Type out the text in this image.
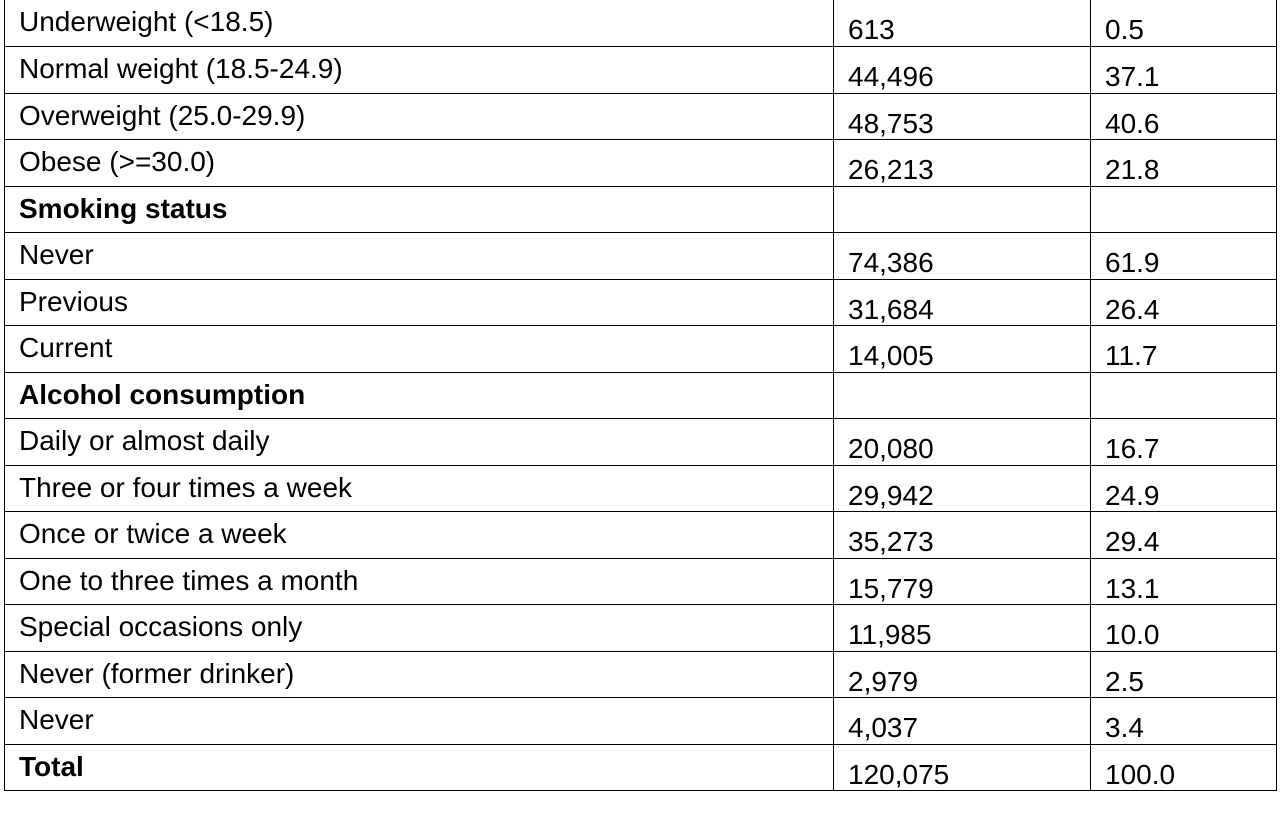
Underweight (<18.5)	613	0.5
Normal weight (18.5-24.9)	44,496	37.1
Overweight (25.0-29.9)	48,753	40.6
Obese (>=30.0)	26,213	21.8
Smoking status		
Never	74,386	61.9
Previous	31,684	26.4
Current	14,005	11.7
Alcohol consumption		
Daily or almost daily	20,080	16.7
Three or four times a week	29,942	24.9
Once or twice a week	35,273	29.4
One to three times a month	15,779	13.1
Special occasions only	11,985	10.0
Never (former drinker)	2,979	2.5
Never	4,037	3.4
Total	120,075	100.0
